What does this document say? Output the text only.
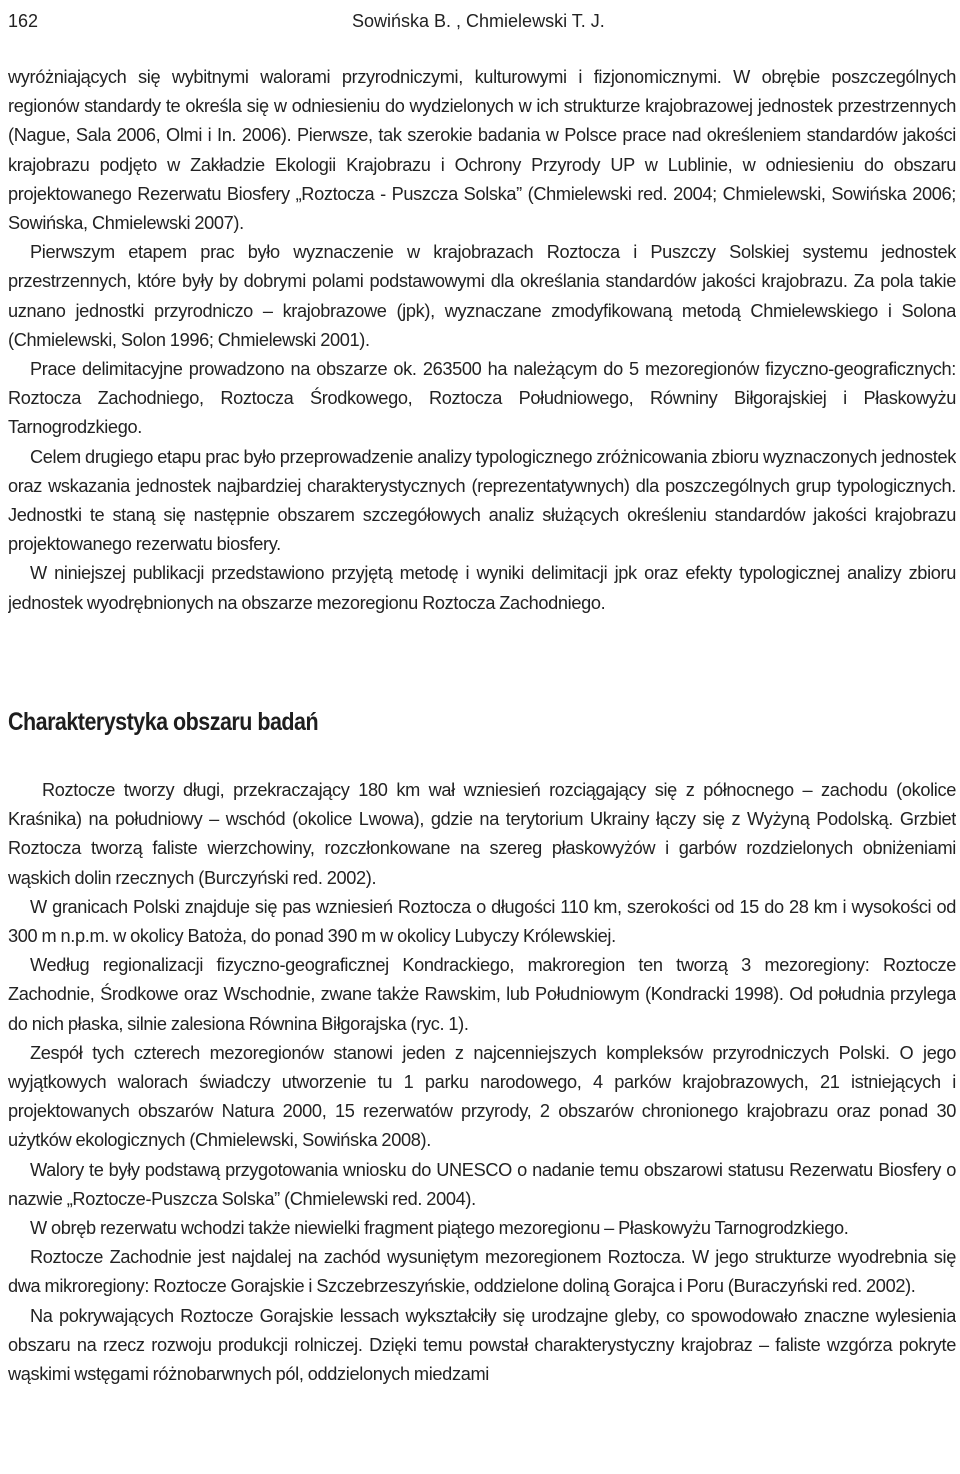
162	Sowińska B. , Chmielewski T. J.

wyróżniających się wybitnymi walorami przyrodniczymi, kulturowymi i fizjonomicznymi. W obrębie poszczególnych regionów standardy te określa się w odniesieniu do wydzielonych w ich strukturze krajobrazowej jednostek przestrzennych (Nague, Sala 2006, Olmi i In. 2006). Pierwsze, tak szerokie badania w Polsce prace nad określeniem standardów jakości krajobrazu podjęto w Zakładzie Ekologii Krajobrazu i Ochrony Przyrody UP w Lublinie, w odniesieniu do obszaru projektowanego Rezerwatu Biosfery „Roztocza - Puszcza Solska” (Chmielewski red. 2004; Chmielewski, Sowińska 2006; Sowińska, Chmielewski 2007).

Pierwszym etapem prac było wyznaczenie w krajobrazach Roztocza i Puszczy Solskiej systemu jednostek przestrzennych, które były by dobrymi polami podstawowymi dla określania standardów jakości krajobrazu. Za pola takie uznano jednostki przyrodniczo – krajobrazowe (jpk), wyznaczane zmodyfikowaną metodą Chmielewskiego i Solona (Chmielewski, Solon 1996; Chmielewski 2001).

Prace delimitacyjne prowadzono na obszarze ok. 263500 ha należącym do 5 mezoregionów fizyczno-geograficznych: Roztocza Zachodniego, Roztocza Środkowego, Roztocza Południowego, Równiny Biłgorajskiej i Płaskowyżu Tarnogrodzkiego.

Celem drugiego etapu prac było przeprowadzenie analizy typologicznego zróżnicowania zbioru wyznaczonych jednostek oraz wskazania jednostek najbardziej charakterystycznych (reprezentatywnych) dla poszczególnych grup typologicznych. Jednostki te staną się następnie obszarem szczegółowych analiz służących określeniu standardów jakości krajobrazu projektowanego rezerwatu biosfery.

W niniejszej publikacji przedstawiono przyjętą metodę i wyniki delimitacji jpk oraz efekty typologicznej analizy zbioru jednostek wyodrębnionych na obszarze mezoregionu Roztocza Zachodniego.

Charakterystyka obszaru badań

Roztocze tworzy długi, przekraczający 180 km wał wzniesień rozciągający się z północnego – zachodu (okolice Kraśnika) na południowy – wschód (okolice Lwowa), gdzie na terytorium Ukrainy łączy się z Wyżyną Podolską. Grzbiet Roztocza tworzą faliste wierzchowiny, rozczłonkowane na szereg płaskowyżów i garbów rozdzielonych obniżeniami wąskich dolin rzecznych (Burczyński red. 2002).

W granicach Polski znajduje się pas wzniesień Roztocza o długości 110 km, szerokości od 15 do 28 km i wysokości od 300 m n.p.m. w okolicy Batoża, do ponad 390 m w okolicy Lubyczy Królewskiej.

Według regionalizacji fizyczno-geograficznej Kondrackiego, makroregion ten tworzą 3 mezoregiony: Roztocze Zachodnie, Środkowe oraz Wschodnie, zwane także Rawskim, lub Południowym (Kondracki 1998). Od południa przylega do nich płaska, silnie zalesiona Równina Biłgorajska (ryc. 1).

Zespół tych czterech mezoregionów stanowi jeden z najcenniejszych kompleksów przyrodniczych Polski. O jego wyjątkowych walorach świadczy utworzenie tu 1 parku narodowego, 4 parków krajobrazowych, 21 istniejących i projektowanych obszarów Natura 2000, 15 rezerwatów przyrody, 2 obszarów chronionego krajobrazu oraz ponad 30 użytków ekologicznych (Chmielewski, Sowińska 2008).

Walory te były podstawą przygotowania wniosku do UNESCO o nadanie temu obszarowi statusu Rezerwatu Biosfery o nazwie „Roztocze-Puszcza Solska” (Chmielewski red. 2004).

W obręb rezerwatu wchodzi także niewielki fragment piątego mezoregionu – Płaskowyżu Tarnogrodzkiego.

Roztocze Zachodnie jest najdalej na zachód wysuniętym mezoregionem Roztocza. W jego strukturze wyodrebnia się dwa mikroregiony: Roztocze Gorajskie i Szczebrzeszyńskie, oddzielone doliną Gorajca i Poru (Buraczyński red. 2002).

Na pokrywających Roztocze Gorajskie lessach wykształciły się urodzajne gleby, co spowodowało znaczne wylesienia obszaru na rzecz rozwoju produkcji rolniczej. Dzięki temu powstał charakterystyczny krajobraz – faliste wzgórza pokryte wąskimi wstęgami różnobarwnych pól, oddzielonych miedzami
